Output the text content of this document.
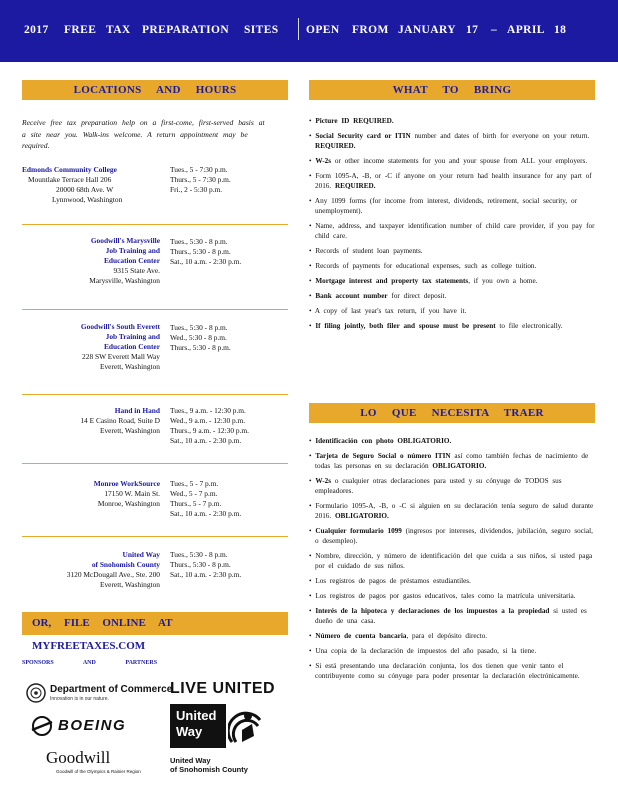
2017 FREE TAX PREPARATION SITES OPEN FROM JANUARY 17 – APRIL 18
LOCATIONS AND HOURS
Receive free tax preparation help on a first-come, first-served basis at a site near you. Walk-ins welcome. A return appointment may be required.
Edmonds Community College
Mountlake Terrace Hall 206
20000 68th Ave. W
Lynnwood, Washington
Tues., 5 - 7:30 p.m.
Thurs., 5 - 7:30 p.m.
Fri., 2 - 5:30 p.m.
Goodwill's Marysville
Job Training and
Education Center
9315 State Ave.
Marysville, Washington
Tues., 5:30 - 8 p.m.
Thurs., 5:30 - 8 p.m.
Sat., 10 a.m. - 2:30 p.m.
Goodwill's South Everett
Job Training and
Education Center
228 SW Everett Mall Way
Everett, Washington
Tues., 5:30 - 8 p.m.
Wed., 5:30 - 8 p.m.
Thurs., 5:30 - 8 p.m.
Hand in Hand
14 E Casino Road, Suite D
Everett, Washington
Tues., 9 a.m. - 12:30 p.m.
Wed., 9 a.m. - 12:30 p.m.
Thurs., 9 a.m. - 12:30 p.m.
Sat., 10 a.m. - 2:30 p.m.
Monroe WorkSource
17150 W. Main St.
Monroe, Washington
Tues., 5 - 7 p.m.
Wed., 5 - 7 p.m.
Thurs., 5 - 7 p.m.
Sat., 10 a.m. - 2:30 p.m.
United Way
of Snohomish County
3120 McDougall Ave., Ste. 200
Everett, Washington
Tues., 5:30 - 8 p.m.
Thurs., 5:30 - 8 p.m.
Sat., 10 a.m. - 2:30 p.m.
OR, FILE ONLINE AT MYFREETAXES.COM
SPONSORS AND PARTNERS
Department of Commerce
Innovation is in our nature.
BOEING
Goodwill
Goodwill of the Olympics & Rainier Region
LIVE UNITED
United
Way
United Way
of Snohomish County
WHAT TO BRING
• Picture ID REQUIRED.
• Social Security card or ITIN number and dates of birth for everyone on your return. REQUIRED.
• W-2s or other income statements for you and your spouse from ALL your employers.
• Form 1095-A, -B, or -C if anyone on your return had health insurance for any part of 2016. REQUIRED.
• Any 1099 forms (for income from interest, dividends, retirement, social security, or unemployment).
• Name, address, and taxpayer identification number of child care provider, if you pay for child care.
• Records of student loan payments.
• Records of payments for educational expenses, such as college tuition.
• Mortgage interest and property tax statements, if you own a home.
• Bank account number for direct deposit.
• A copy of last year's tax return, if you have it.
• If filing jointly, both filer and spouse must be present to file electronically.
LO QUE NECESITA TRAER
• Identificación con photo OBLIGATORIO.
• Tarjeta de Seguro Social o número ITIN así como también fechas de nacimiento de todas las personas en su declaración OBLIGATORIO.
• W-2s o cualquier otras declaraciones para usted y su cónyuge de TODOS sus empleadores.
• Formulario 1095-A, -B, o -C si alguien en su declaración tenía seguro de salud durante 2016. OBLIGATORIO.
• Cualquier formulario 1099 (ingresos por intereses, dividendos, jubilación, seguro social, o desempleo).
• Nombre, dirección, y número de identificación del que cuida a sus niños, si usted paga por el cuidado de sus niños.
• Los registros de pagos de préstamos estudiantiles.
• Los registros de pagos por gastos educativos, tales como la matrícula universitaria.
• Interés de la hipoteca y declaraciones de los impuestos a la propiedad si usted es dueño de una casa.
• Número de cuenta bancaria, para el depósito directo.
• Una copia de la declaración de impuestos del año pasado, si la tiene.
• Si está presentando una declaración conjunta, los dos tienen que venir tanto el contribuyente como su cónyuge para poder presentar la declaración electrónicamente.
